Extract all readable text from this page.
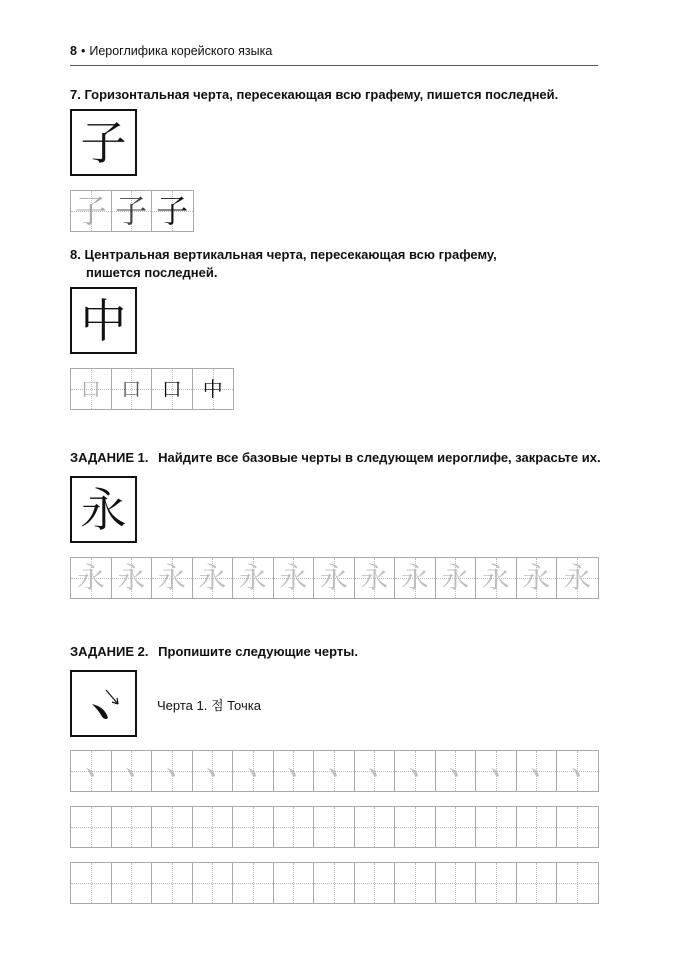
8 • Иероглифика корейского языка
7. Горизонтальная черта, пересекающая всю графему, пишется последней.
子
子 子 子
8. Центральная вертикальная черта, пересекающая всю графему,
пишется последней.
中
口 口 口 中
ЗАДАНИЕ 1. Найдите все базовые черты в следующем иероглифе, закрасьте их.
永
永 永 永 永 永 永 永 永 永 永 永 永 永
ЗАДАНИЕ 2. Пропишите следующие черты.
Черта 1. 점 Точка
